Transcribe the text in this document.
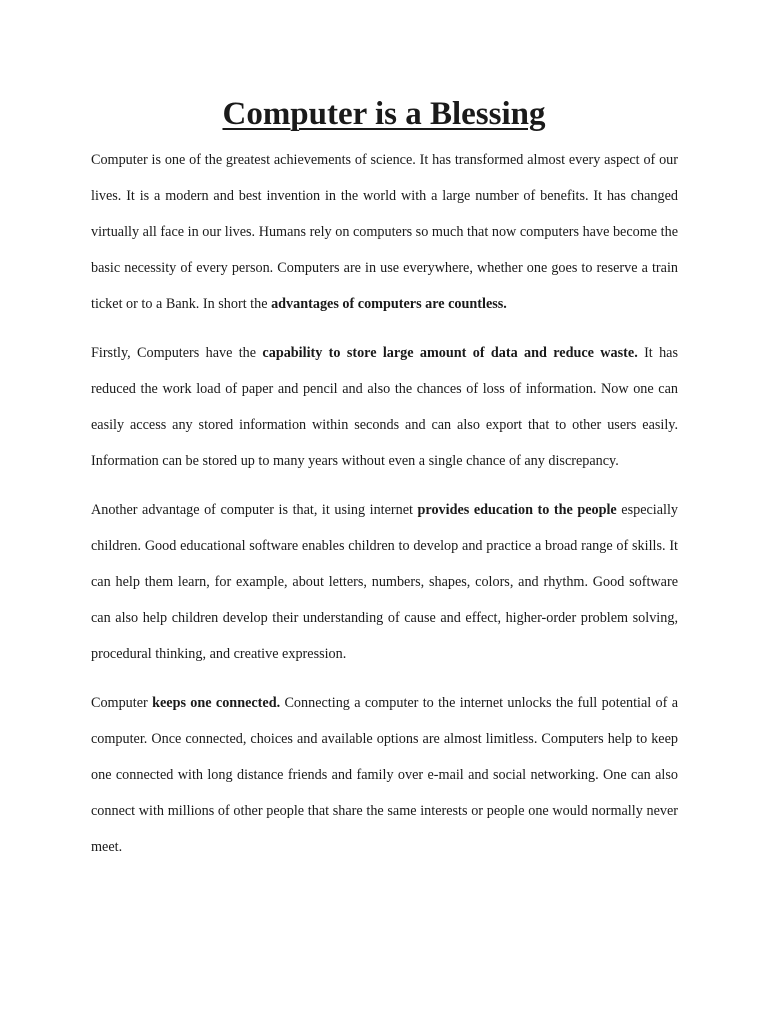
Computer is a Blessing

Computer is one of the greatest achievements of science. It has transformed almost every aspect of our lives. It is a modern and best invention in the world with a large number of benefits. It has changed virtually all face in our lives. Humans rely on computers so much that now computers have become the basic necessity of every person. Computers are in use everywhere, whether one goes to reserve a train ticket or to a Bank. In short the advantages of computers are countless.

Firstly, Computers have the capability to store large amount of data and reduce waste. It has reduced the work load of paper and pencil and also the chances of loss of information. Now one can easily access any stored information within seconds and can also export that to other users easily. Information can be stored up to many years without even a single chance of any discrepancy.

Another advantage of computer is that, it using internet provides education to the people especially children. Good educational software enables children to develop and practice a broad range of skills. It can help them learn, for example, about letters, numbers, shapes, colors, and rhythm. Good software can also help children develop their understanding of cause and effect, higher-order problem solving, procedural thinking, and creative expression.

Computer keeps one connected. Connecting a computer to the internet unlocks the full potential of a computer. Once connected, choices and available options are almost limitless. Computers help to keep one connected with long distance friends and family over e-mail and social networking. One can also connect with millions of other people that share the same interests or people one would normally never meet.
